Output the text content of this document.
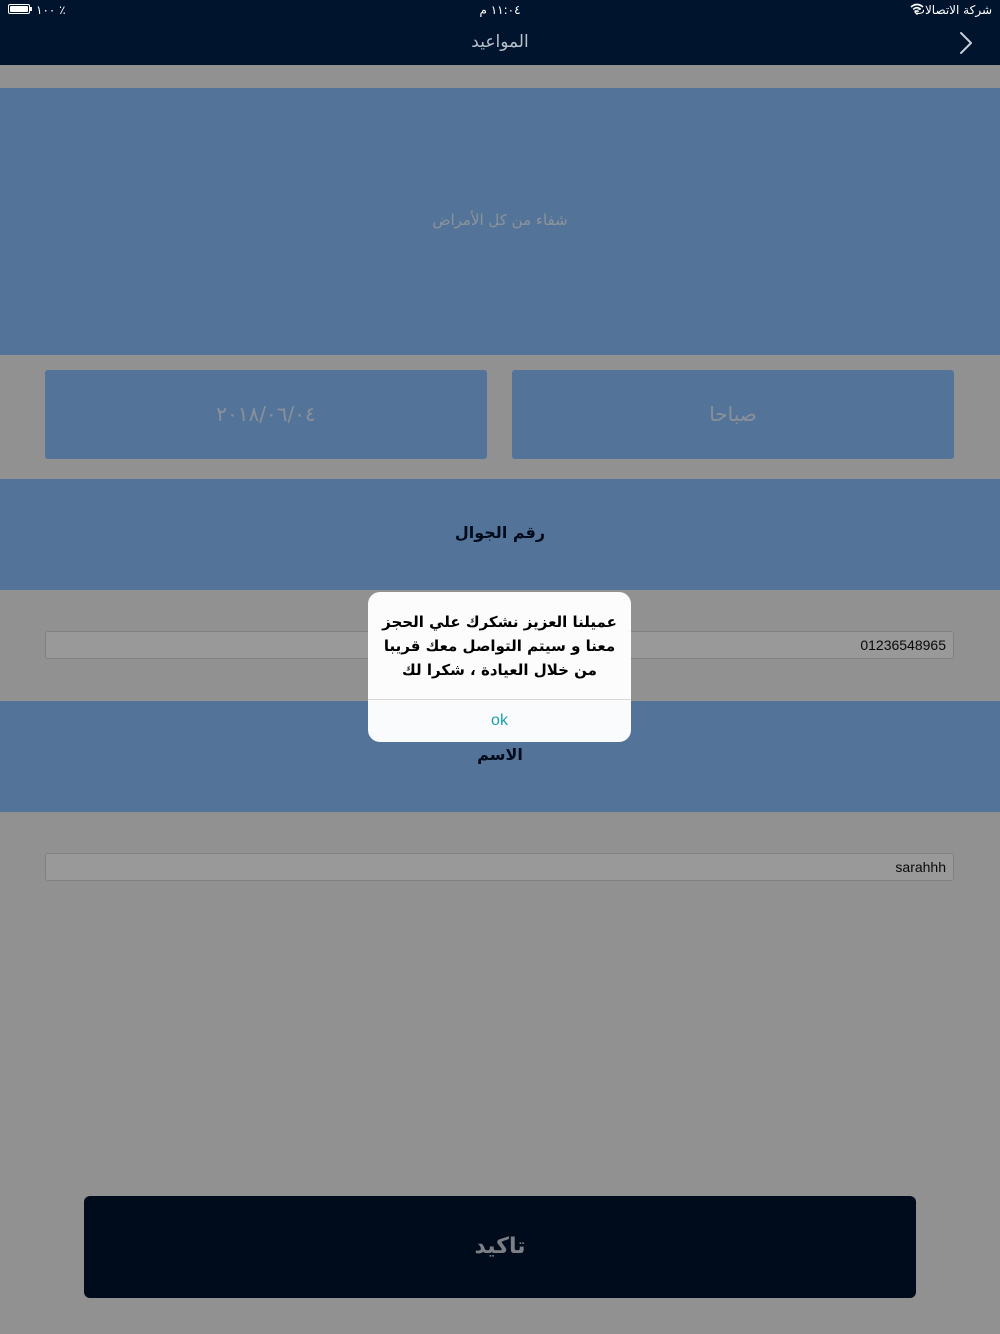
١٠٠ ٪	١١:٠٤ م	شركة الاتصالات
المواعيد
شفاء من كل الأمراض
٢٠١٨/٠٦/٠٤	صباحا
رقم الجوال
01236548965
الاسم
sarahhh
تاكيد
عميلنا العزيز نشكرك علي الحجز معنا و سيتم التواصل معك قريبا من خلال العيادة ، شكرا لك
ok
